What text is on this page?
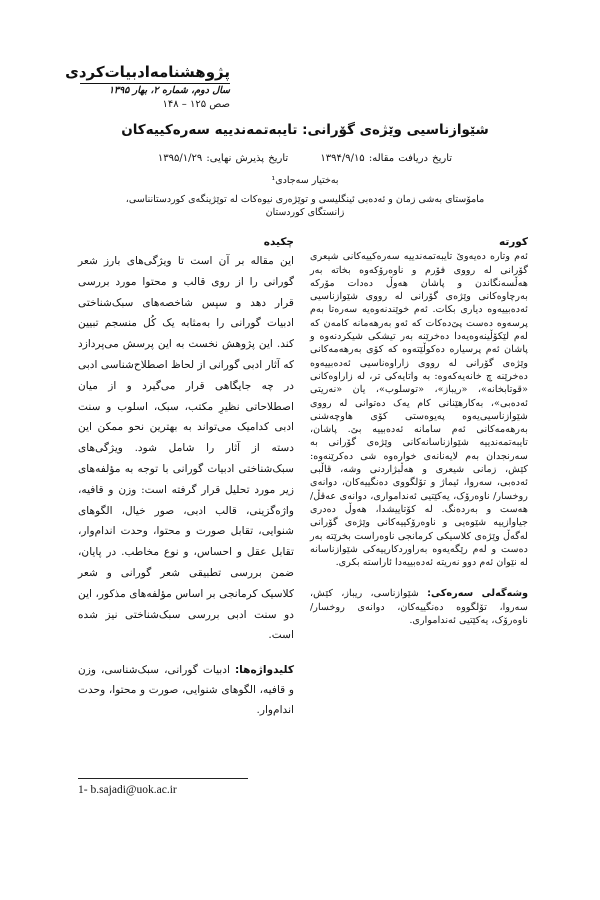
پژوهشنامه‌ادبیات‌کردی
سال دوم، شماره ۲، بهار ۱۳۹۵
صص ۱۲۵ – ۱۴۸
شێوازناسیی وێژەی گۆرانی: تایبەتمەندییە سەرەکییەکان
تاریخ دریافت مقاله: ۱۳۹۴/۹/۱۵ تاریخ پذیرش نهایی: ۱۳۹۵/۱/۲۹
بەختیار سەجادی¹
مامۆستای بەشی زمان و ئەدەبی ئینگلیسی و توێژەری نیوەکات لە توێژینگەی کوردستانناسی،
زانستگای کوردستان
کورتە

ئەم وتارە دەیەوێ تایبەتمەندییە سەرەکییەکانی شیعری گۆرانی لە رووی فۆرم و ناوەرۆکەوە بخاتە بەر هەڵسەنگاندن و پاشان هەوڵ دەدات مۆرکە بەرچاوەکانی وێژەی گۆرانی لە رووی شێوازناسیی ئەدەبییەوە دیاری بکات. ئەم خوێندنەوەیە سەرەتا بەم پرسەوە دەست پێ‌دەکات کە ئەو بەرهەمانە کامەن کە لەم لێکۆڵینەوەیەدا دەخرێنە بەر تیشکی شیکردنەوە و پاشان ئەم پرسیارە دەکوڵێتەوە کە کۆی بەرهەمەکانی وێژەی گۆرانی لە رووی زاراوەناسیی ئەدەبییەوە دەخرێنە چ خانەیەکەوە: بە واتایەکی تر، لە زاراوەکانی «قوتابخانە»، «ریباز»، «توسلوب»، یان «نەریتی ئەدەبی»، بەکارهێنانی کام یەک دەتوانی لە رووی شێوازناسیی‌یەوە پەیوەستی کۆی هاوچەشنی بەرهەمەکانی ئەم سامانە ئەدەبییە بێ. پاشان، تایبەتمەندییە شێوازناسانەکانی وێژەی گۆرانی بە سەرنجدان بەم لایەنانەی خوارەوە شی دەکرێنەوە: کێش، زمانی شیعری و هەڵبژاردنی وشە، قاڵبی ئەدەبی، سەروا، ئیماژ و تۆلگووی دەنگییەکان، دوانەی روخسار/ ناوەرۆک، یەکێتیی ئەندامواری، دوانەی عەقڵ/ هەست و بەردەنگ. لە کۆتاییشدا، هەوڵ دەدری جیاوازییە شێوەیی و ناوەرۆکییەکانی وێژەی گۆرانی لەگەڵ وێژەی کلاسیکی کرمانجی ناوەراست بخرێتە بەر دەست و لەم رێگەیەوە بەراوردکارییەکی شێوازناسانە لە نێوان ئەم دوو نەریتە ئەدەبییەدا ئاراستە بکری.

وشەگەلی سەرەکی: شێوازناسی، ریباز، کێش، سەروا، تۆلگووە دەنگییەکان، دوانەی روخسار/ ناوەرۆک، یەکێتیی ئەندامواری.

چکیده

این مقاله بر آن است تا ویژگی‌های بارز شعر گورانی را از روی قالب و محتوا مورد بررسی قرار دهد و سپس شاخصه‌های سبک‌شناختی ادبیات گورانی را به‌مثابه یک کُل منسجم تبیین کند. این پژوهش نخست به این پرسش می‌پردازد که آثار ادبی گورانی از لحاظ اصطلاح‌شناسی ادبی در چه جایگاهی قرار می‌گیرد و از میان اصطلاحاتی نظیرِ مکتب، سبک، اسلوب و سنت ادبی کدامیک می‌تواند به بهترین نحو ممکن این دسته از آثار را شامل شود. ویژگی‌های سبک‌شناختی ادبیات گورانی با توجه به مؤلفه‌های زیر مورد تحلیل قرار گرفته است: وزن و قافیه، واژه‌گزینی، قالب ادبی، صور خیال، الگوهای شنوایی، تقابل صورت و محتوا، وحدت اندام‌وار، تقابل عقل و احساس، و نوع مخاطب. در پایان، ضمن بررسی تطبیقی شعر گورانی و شعر کلاسیک کرمانجی بر اساس مؤلفه‌های مذکور، این دو سنت ادبی بررسی سبک‌شناختی نیز شده است.

کلیدواژه‌ها: ادبیات گورانی، سبک‌شناسی، وزن و قافیه، الگوهای شنوایی، صورت و محتوا، وحدت اندام‌وار.

1- b.sajadi@uok.ac.ir
